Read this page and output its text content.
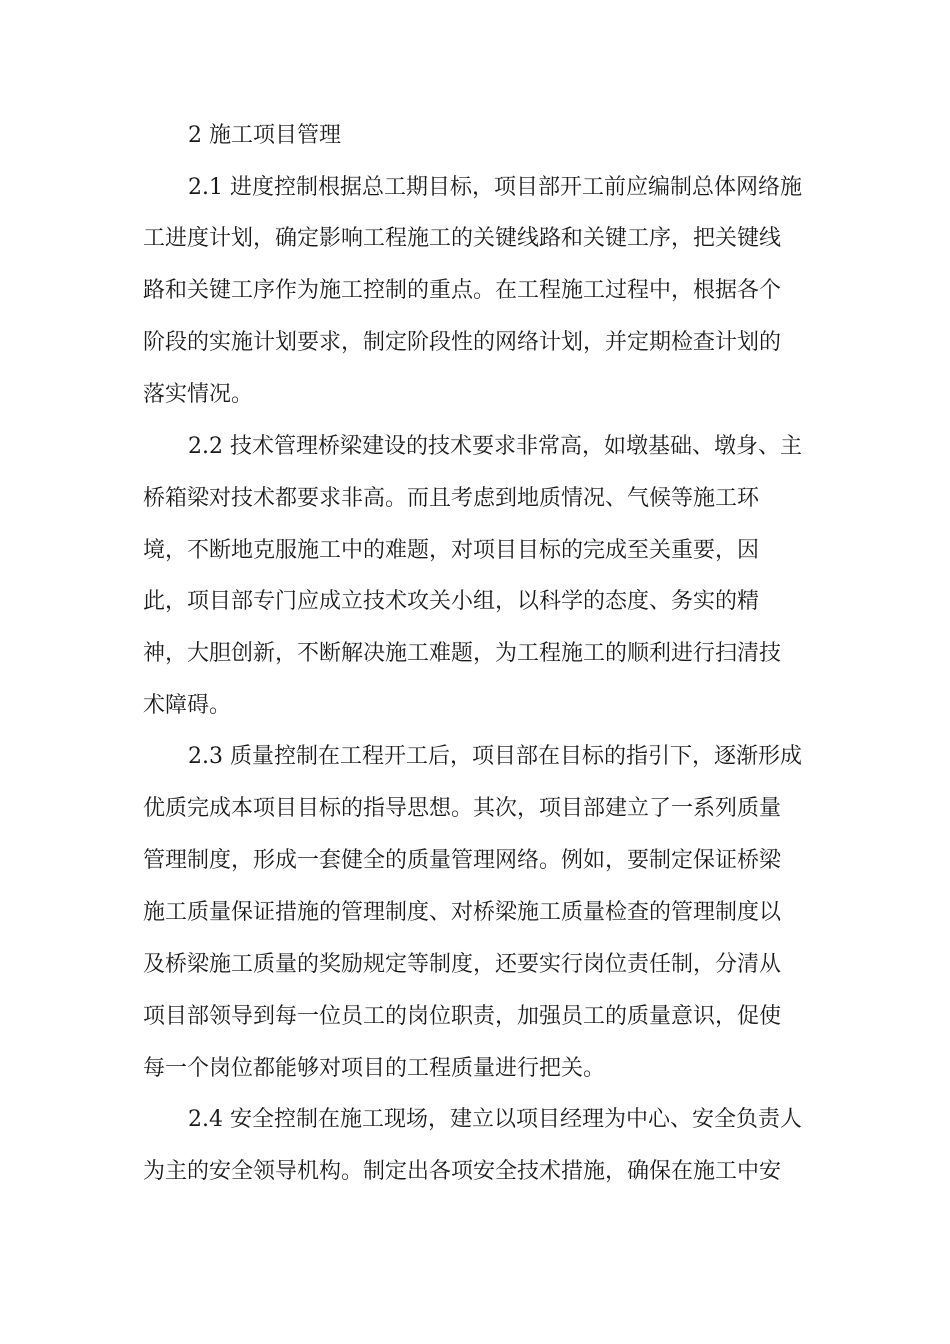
2 施工项目管理
2.1 进度控制根据总工期目标，项目部开工前应编制总体网络施
工进度计划，确定影响工程施工的关键线路和关键工序，把关键线
路和关键工序作为施工控制的重点。在工程施工过程中，根据各个
阶段的实施计划要求，制定阶段性的网络计划，并定期检查计划的
落实情况。
2.2 技术管理桥梁建设的技术要求非常高，如墩基础、墩身、主
桥箱梁对技术都要求非高。而且考虑到地质情况、气候等施工环
境，不断地克服施工中的难题，对项目目标的完成至关重要，因
此，项目部专门应成立技术攻关小组，以科学的态度、务实的精
神，大胆创新，不断解决施工难题，为工程施工的顺利进行扫清技
术障碍。
2.3 质量控制在工程开工后，项目部在目标的指引下，逐渐形成
优质完成本项目目标的指导思想。其次，项目部建立了一系列质量
管理制度，形成一套健全的质量管理网络。例如，要制定保证桥梁
施工质量保证措施的管理制度、对桥梁施工质量检查的管理制度以
及桥梁施工质量的奖励规定等制度，还要实行岗位责任制，分清从
项目部领导到每一位员工的岗位职责，加强员工的质量意识，促使
每一个岗位都能够对项目的工程质量进行把关。
2.4 安全控制在施工现场，建立以项目经理为中心、安全负责人
为主的安全领导机构。制定出各项安全技术措施，确保在施工中安
